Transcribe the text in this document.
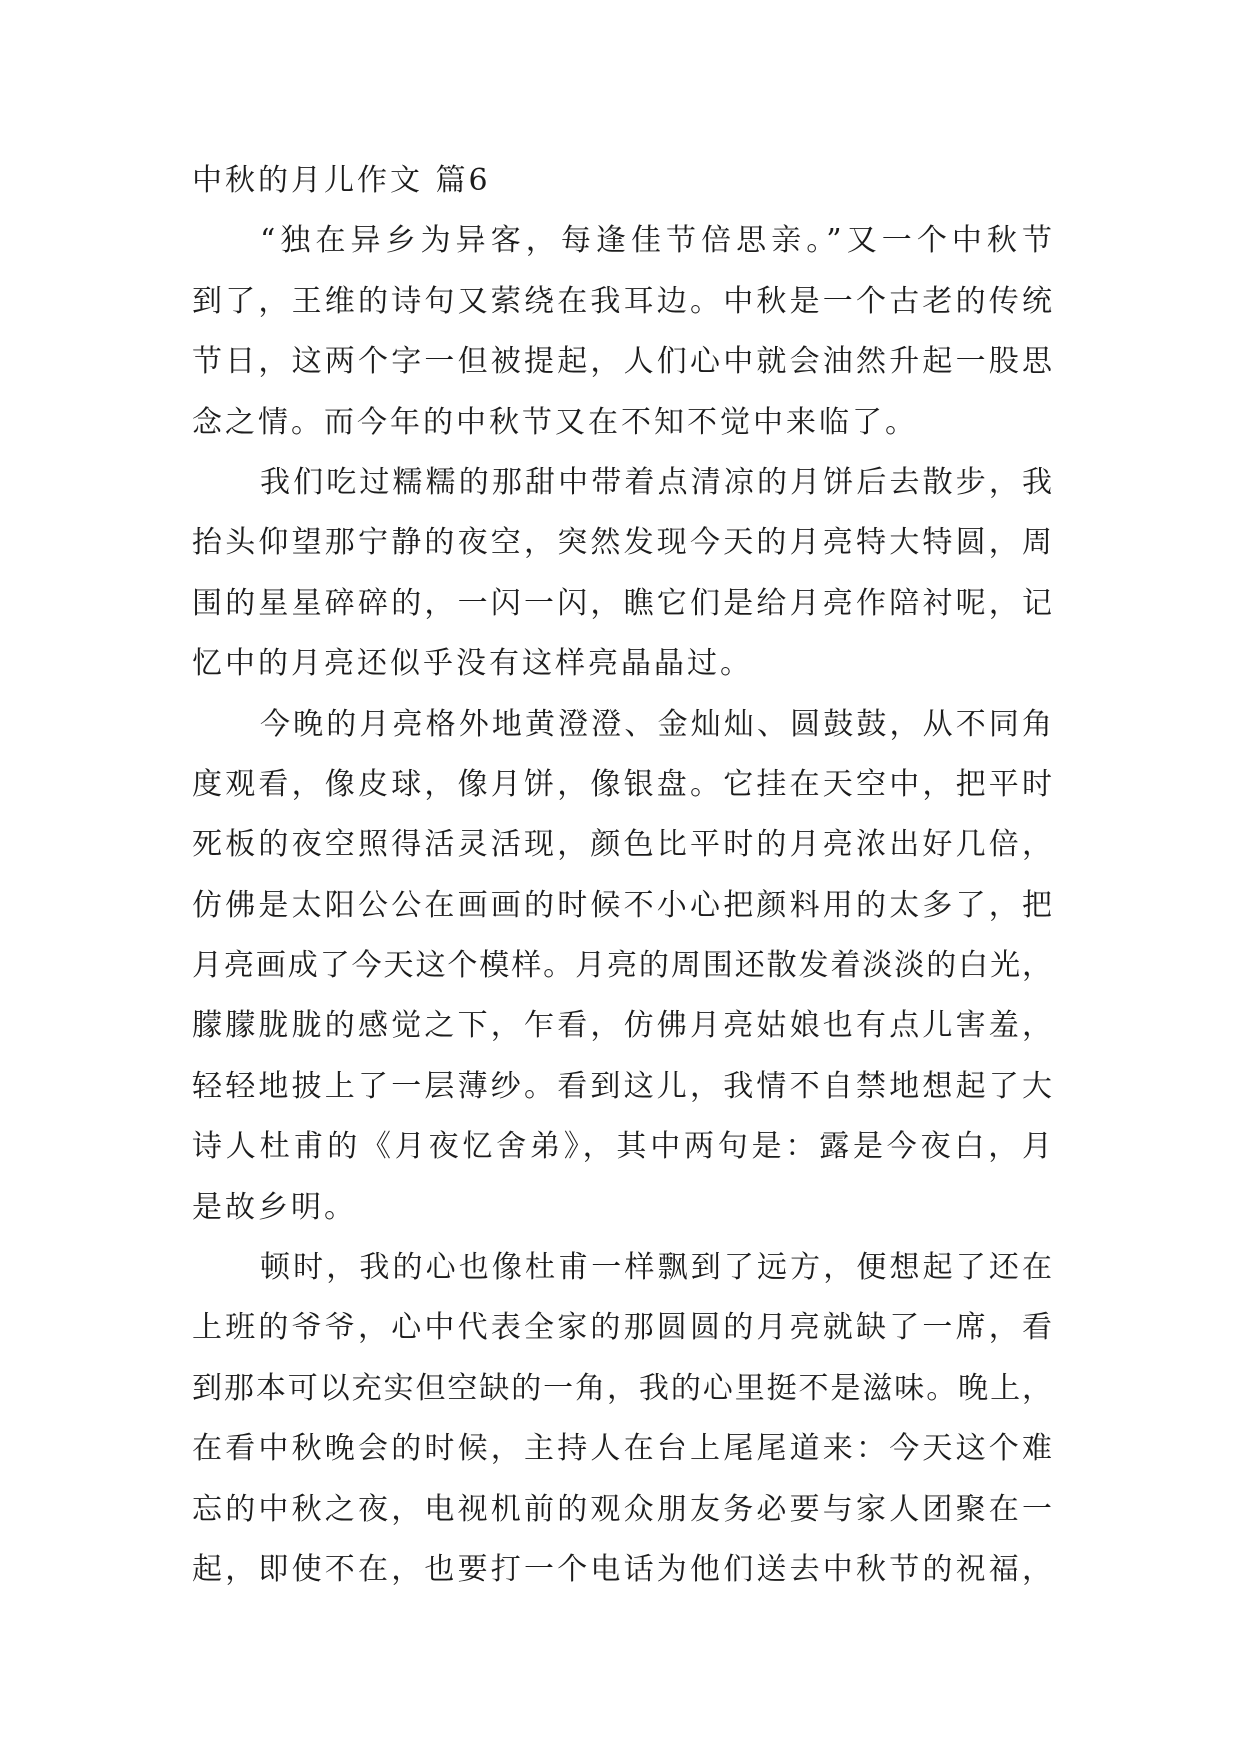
中秋的月儿作文 篇6
“独在异乡为异客，每逢佳节倍思亲。”又一个中秋节
到了，王维的诗句又萦绕在我耳边。中秋是一个古老的传统
节日，这两个字一但被提起，人们心中就会油然升起一股思
念之情。而今年的中秋节又在不知不觉中来临了。
我们吃过糯糯的那甜中带着点清凉的月饼后去散步，我
抬头仰望那宁静的夜空，突然发现今天的月亮特大特圆，周
围的星星碎碎的，一闪一闪，瞧它们是给月亮作陪衬呢，记
忆中的月亮还似乎没有这样亮晶晶过。
今晚的月亮格外地黄澄澄、金灿灿、圆鼓鼓，从不同角
度观看，像皮球，像月饼，像银盘。它挂在天空中，把平时
死板的夜空照得活灵活现，颜色比平时的月亮浓出好几倍，
仿佛是太阳公公在画画的时候不小心把颜料用的太多了，把
月亮画成了今天这个模样。月亮的周围还散发着淡淡的白光，
朦朦胧胧的感觉之下，乍看，仿佛月亮姑娘也有点儿害羞，
轻轻地披上了一层薄纱。看到这儿，我情不自禁地想起了大
诗人杜甫的《月夜忆舍弟》，其中两句是：露是今夜白，月
是故乡明。
顿时，我的心也像杜甫一样飘到了远方，便想起了还在
上班的爷爷，心中代表全家的那圆圆的月亮就缺了一席，看
到那本可以充实但空缺的一角，我的心里挺不是滋味。晚上，
在看中秋晚会的时候，主持人在台上尾尾道来：今天这个难
忘的中秋之夜，电视机前的观众朋友务必要与家人团聚在一
起，即使不在，也要打一个电话为他们送去中秋节的祝福，
